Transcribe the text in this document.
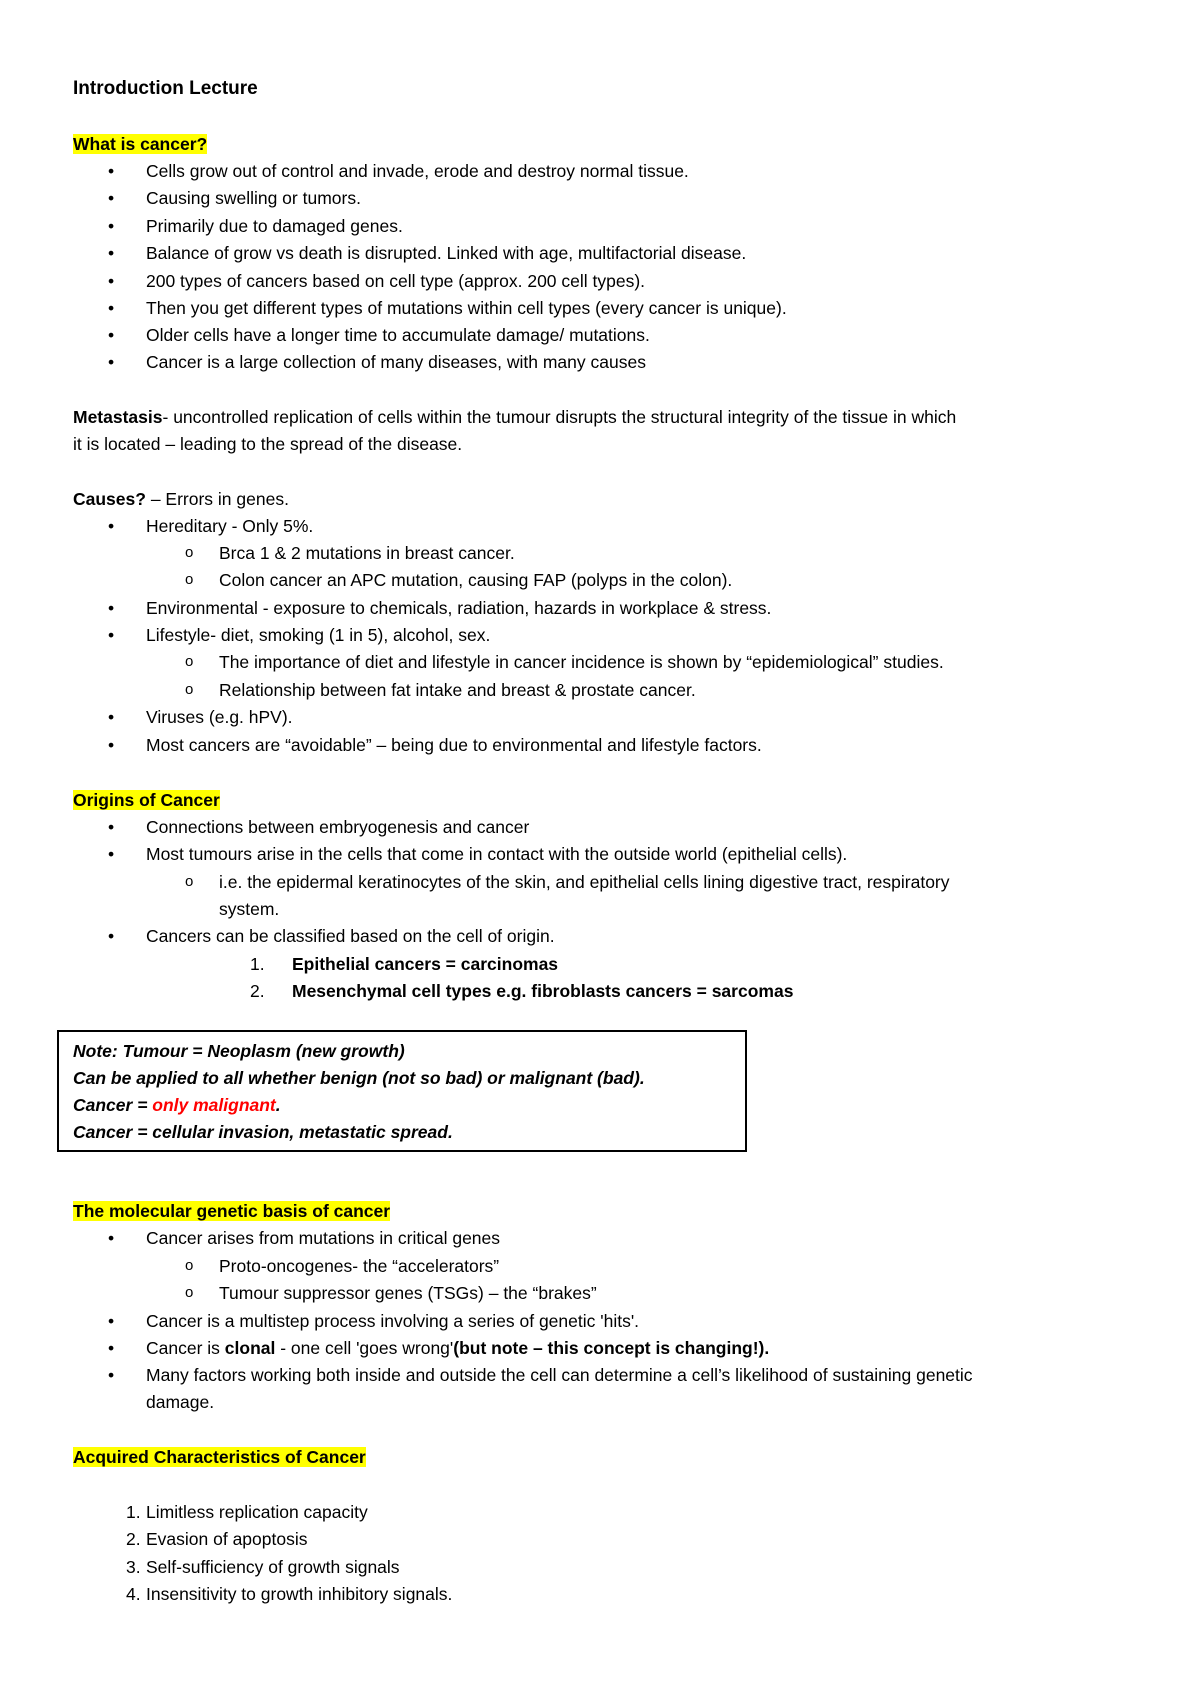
Introduction Lecture
What is cancer?
• Cells grow out of control and invade, erode and destroy normal tissue.
• Causing swelling or tumors.
• Primarily due to damaged genes.
• Balance of grow vs death is disrupted. Linked with age, multifactorial disease.
• 200 types of cancers based on cell type (approx. 200 cell types).
• Then you get different types of mutations within cell types (every cancer is unique).
• Older cells have a longer time to accumulate damage/ mutations.
• Cancer is a large collection of many diseases, with many causes
Metastasis- uncontrolled replication of cells within the tumour disrupts the structural integrity of the tissue in which
it is located – leading to the spread of the disease.
Causes? – Errors in genes.
• Hereditary - Only 5%.
o Brca 1 & 2 mutations in breast cancer.
o Colon cancer an APC mutation, causing FAP (polyps in the colon).
• Environmental - exposure to chemicals, radiation, hazards in workplace & stress.
• Lifestyle- diet, smoking (1 in 5), alcohol, sex.
o The importance of diet and lifestyle in cancer incidence is shown by “epidemiological” studies.
o Relationship between fat intake and breast & prostate cancer.
• Viruses (e.g. hPV).
• Most cancers are “avoidable” – being due to environmental and lifestyle factors.
Origins of Cancer
• Connections between embryogenesis and cancer
• Most tumours arise in the cells that come in contact with the outside world (epithelial cells).
o i.e. the epidermal keratinocytes of the skin, and epithelial cells lining digestive tract, respiratory
system.
• Cancers can be classified based on the cell of origin.
1.	Epithelial cancers = carcinomas
2.	Mesenchymal cell types e.g. fibroblasts cancers = sarcomas
Note: Tumour = Neoplasm (new growth)
Can be applied to all whether benign (not so bad) or malignant (bad).
Cancer = only malignant.
Cancer = cellular invasion, metastatic spread.
The molecular genetic basis of cancer
• Cancer arises from mutations in critical genes
o Proto-oncogenes- the “accelerators”
o Tumour suppressor genes (TSGs) – the “brakes”
• Cancer is a multistep process involving a series of genetic 'hits'.
• Cancer is clonal - one cell 'goes wrong'(but note – this concept is changing!).
• Many factors working both inside and outside the cell can determine a cell’s likelihood of sustaining genetic
damage.
Acquired Characteristics of Cancer
1. Limitless replication capacity
2. Evasion of apoptosis
3. Self-sufficiency of growth signals
4. Insensitivity to growth inhibitory signals.
